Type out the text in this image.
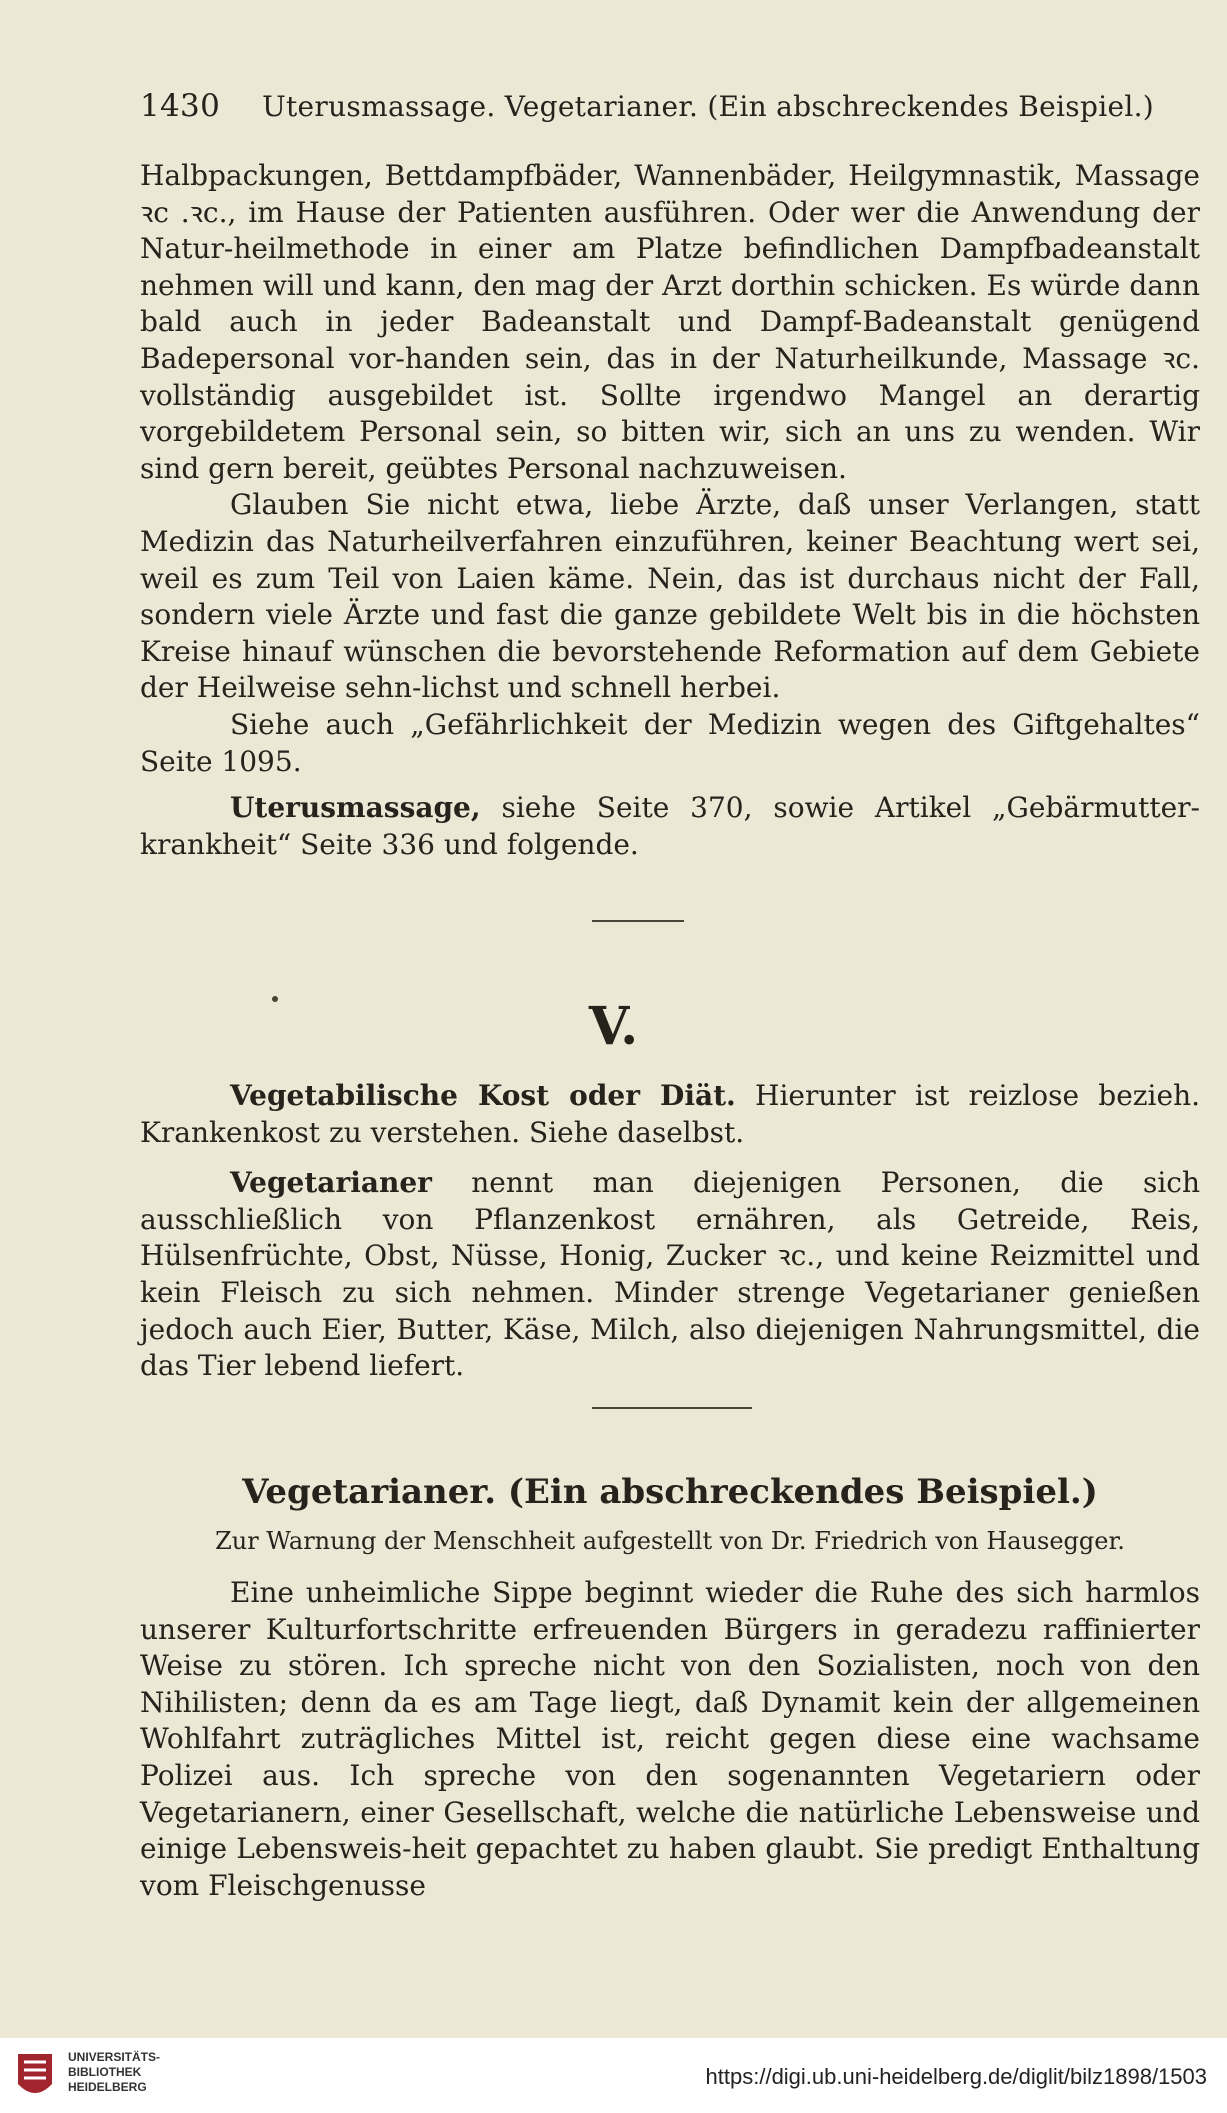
1430 Uterusmassage. Vegetarianer. (Ein abschreckendes Beispiel.)

Halbpackungen, Bettdampfbäder, Wannenbäder, Heilgymnastik, Massage ꝛc .ꝛc., im Hause der Patienten ausführen. Oder wer die Anwendung der Natur-heilmethode in einer am Platze befindlichen Dampfbadeanstalt nehmen will und kann, den mag der Arzt dorthin schicken. Es würde dann bald auch in jeder Badeanstalt und Dampf-Badeanstalt genügend Badepersonal vor-handen sein, das in der Naturheilkunde, Massage ꝛc. vollständig ausgebildet ist. Sollte irgendwo Mangel an derartig vorgebildetem Personal sein, so bitten wir, sich an uns zu wenden. Wir sind gern bereit, geübtes Personal nachzuweisen.

Glauben Sie nicht etwa, liebe Ärzte, daß unser Verlangen, statt Medizin das Naturheilverfahren einzuführen, keiner Beachtung wert sei, weil es zum Teil von Laien käme. Nein, das ist durchaus nicht der Fall, sondern viele Ärzte und fast die ganze gebildete Welt bis in die höchsten Kreise hinauf wünschen die bevorstehende Reformation auf dem Gebiete der Heilweise sehn-lichst und schnell herbei.

Siehe auch „Gefährlichkeit der Medizin wegen des Giftgehaltes“ Seite 1095.

Uterusmassage, siehe Seite 370, sowie Artikel „Gebärmutter-krankheit“ Seite 336 und folgende.

V.

Vegetabilische Kost oder Diät. Hierunter ist reizlose bezieh. Krankenkost zu verstehen. Siehe daselbst.

Vegetarianer nennt man diejenigen Personen, die sich ausschließlich von Pflanzenkost ernähren, als Getreide, Reis, Hülsenfrüchte, Obst, Nüsse, Honig, Zucker ꝛc., und keine Reizmittel und kein Fleisch zu sich nehmen. Minder strenge Vegetarianer genießen jedoch auch Eier, Butter, Käse, Milch, also diejenigen Nahrungsmittel, die das Tier lebend liefert.

Vegetarianer. (Ein abschreckendes Beispiel.)
Zur Warnung der Menschheit aufgestellt von Dr. Friedrich von Hausegger.

Eine unheimliche Sippe beginnt wieder die Ruhe des sich harmlos unserer Kulturfortschritte erfreuenden Bürgers in geradezu raffinierter Weise zu stören. Ich spreche nicht von den Sozialisten, noch von den Nihilisten; denn da es am Tage liegt, daß Dynamit kein der allgemeinen Wohlfahrt zuträgliches Mittel ist, reicht gegen diese eine wachsame Polizei aus. Ich spreche von den sogenannten Vegetariern oder Vegetarianern, einer Gesellschaft, welche die natürliche Lebensweise und einige Lebensweis-heit gepachtet zu haben glaubt. Sie predigt Enthaltung vom Fleischgenusse

UNIVERSITÄTS-
BIBLIOTHEK
HEIDELBERG	https://digi.ub.uni-heidelberg.de/diglit/bilz1898/1503
